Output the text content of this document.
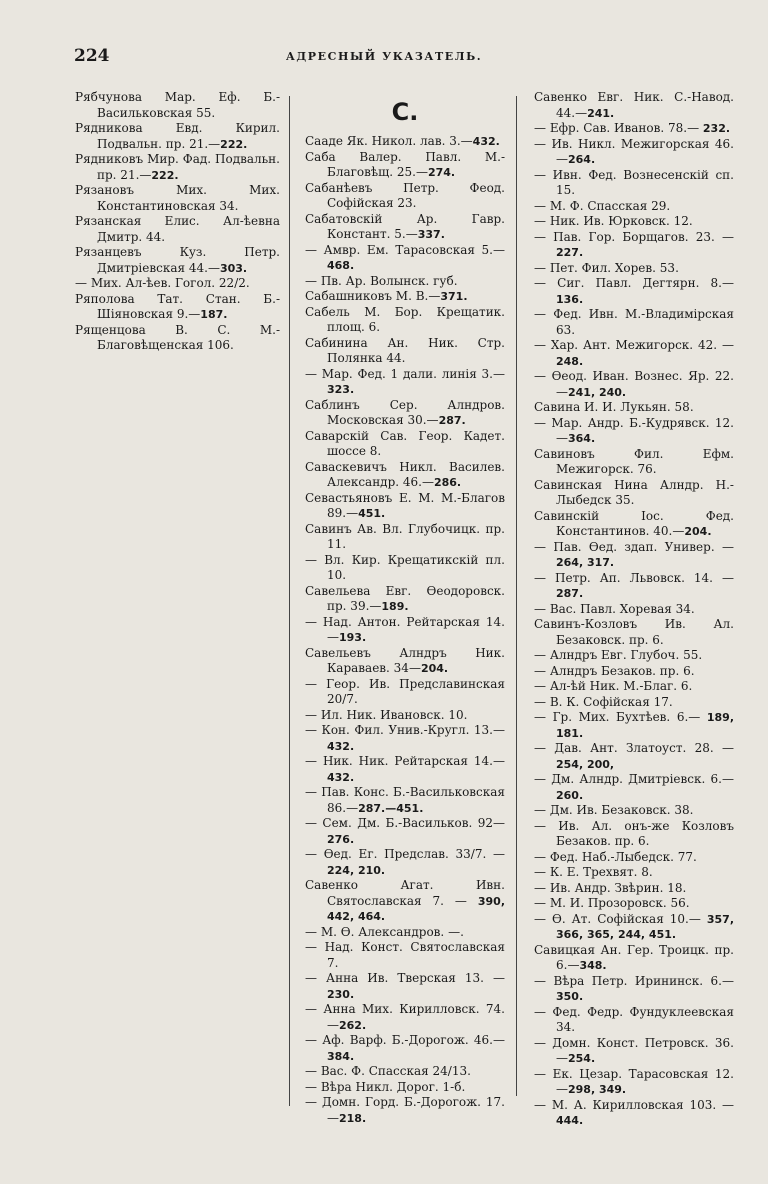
224	АДРЕСНЫЙ УКАЗАТЕЛЬ.

Рябчунова Мар. Еф. Б.-Васильковская 55.

Рядникова Евд. Кирил. Подвальн. пр. 21.—222.

Рядниковъ Мир. Фад. Подвальн. пр. 21.—222.

Рязановъ Мих. Мих. Константиновская 34.

Рязанская Елис. Ал-ѣевна Дмитр. 44.

Рязанцевъ Куз. Петр. Дмитріевская 44.—303.

— Мих. Ал-ѣев. Гогол. 22/2.

Ряполова Тат. Стан. Б.-Шіяновская 9.—187.

Рященцова В. С. М.-Благовѣщенская 106.

С.

Сааде Як. Никол. лав. 3.—432.

Саба Валер. Павл. М.-Благовѣщ. 25.—274.

Сабанѣевъ Петр. Феод. Софійская 23.

Сабатовскій Ар. Гавр. Констант. 5.—337.

— Амвр. Ем. Тарасовская 5.—468.

— Пв. Ар. Волынск. губ.

Сабашниковъ М. В.—371.

Сабель М. Бор. Крещатик. площ. 6.

Сабинина Ан. Ник. Стр. Полянка 44.

— Мар. Фед. 1 дали. линія 3.—323.

Саблинъ Сер. Алндров. Московская 30.—287.

Саварскій Сав. Геор. Кадет. шоссе 8.

Саваскевичъ Никл. Василев. Александр. 46.—286.

Севастьяновъ Е. М. М.-Благов 89.—451.

Савинъ Ав. Вл. Глубочицк. пр. 11.

— Вл. Кир. Крещатикскій пл. 10.

Савельева Евг. Ѳеодоровск. пр. 39.—189.

— Над. Антон. Рейтарская 14.—193.

Савельевъ Алндръ Ник. Караваев. 34—204.

— Геор. Ив. Предславинская 20/7.

— Ил. Ник. Ивановск. 10.

— Кон. Фил. Унив.-Кругл. 13.—432.

— Ник. Ник. Рейтарская 14.—432.

— Пав. Конс. Б.-Васильковская 86.—287.—451.

— Сем. Дм. Б.-Васильков. 92—276.

— Ѳед. Ег. Предслав. 33/7. —224, 210.

Савенко Агат. Ивн. Святославская 7. — 390, 442, 464.

— М. Ѳ. Александров. —.

— Над. Конст. Святославская 7.

— Анна Ив. Тверская 13. —230.

— Анна Мих. Кирилловск. 74.—262.

— Аф. Варф. Б.-Дорогож. 46.—384.

— Вас. Ф. Спасская 24/13.

— Вѣра Никл. Дорог. 1-б.

— Домн. Горд. Б.-Дорогож. 17.—218.

Савенко Евг. Ник. С.-Навод. 44.—241.

— Ефр. Сав. Иванов. 78.— 232.

— Ив. Никл. Межигорская 46.—264.

— Ивн. Фед. Вознесенскій сп. 15.

— М. Ф. Спасская 29.

— Ник. Ив. Юрковск. 12.

— Пав. Гор. Борщагов. 23. —227.

— Пет. Фил. Хорев. 53.

— Сиг. Павл. Дегтярн. 8.— 136.

— Фед. Ивн. М.-Владимірская 63.

— Хар. Ант. Межигорск. 42. —248.

— Ѳеод. Иван. Вознес. Яр. 22.—241, 240.

Савина И. И. Лукьян. 58.

— Мар. Андр. Б.-Кудрявск. 12.—364.

Савиновъ Фил. Ефм. Межигорск. 76.

Савинская Нина Алндр. Н.-Лыбедск 35.

Савинскій Іос. Фед. Константинов. 40.—204.

— Пав. Ѳед. здап. Универ. —264, 317.

— Петр. Ап. Львовск. 14. —287.

— Вас. Павл. Хоревая 34.

Савинъ-Козловъ Ив. Ал. Безаковск. пр. 6.

— Алндръ Евг. Глубоч. 55.

— Алндръ Безаков. пр. 6.

— Ал-ѣй Ник. М.-Благ. 6.

— В. К. Софійская 17.

— Гр. Мих. Бухтѣев. 6.— 189, 181.

— Дав. Ант. Златоуст. 28. —254, 200,

— Дм. Алндр. Дмитріевск. 6.—260.

— Дм. Ив. Безаковск. 38.

— Ив. Ал. онъ-же Козловъ Безаков. пр. 6.

— Фед. Наб.-Лыбедск. 77.

— К. Е. Трехвят. 8.

— Ив. Андр. Звѣрин. 18.

— М. И. Прозоровск. 56.

— Ѳ. Ат. Софійская 10.— 357, 366, 365, 244, 451.

Савицкая Ан. Гер. Троицк. пр. 6.—348.

— Вѣра Петр. Ирининск. 6.—350.

— Фед. Федр. Фундуклеевская 34.

— Домн. Конст. Петровск. 36.—254.

— Ек. Цезар. Тарасовская 12.—298, 349.

— М. А. Кирилловская 103. —444.
